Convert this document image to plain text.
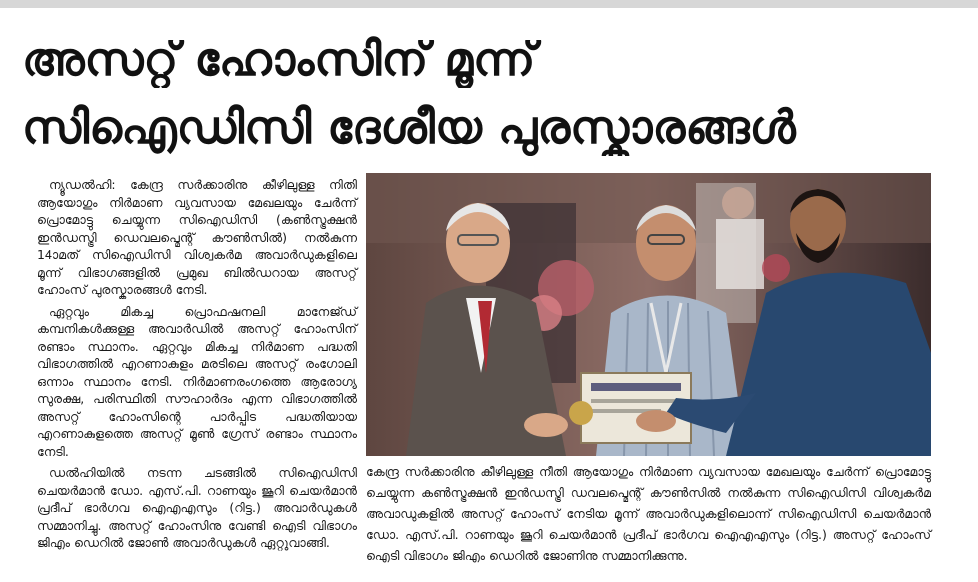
അസറ്റ് ഹോംസിന് മൂന്ന്
സിഐഡിസി ദേശീയ പുരസ്കാരങ്ങൾ

ന്യൂഡൽഹി: കേന്ദ്ര സർക്കാരിനു കീഴിലുള്ള നിതി ആയോഗും നിർമാണ വ്യവസായ മേഖലയും ചേർന്ന് പ്രൊമോട്ടു ചെയ്യുന്ന സിഐഡിസി (കൺസ്ട്രക്ഷൻ ഇൻഡസ്ട്രി ഡെവലപ്മെന്റ് കൗൺസിൽ) നൽകുന്ന 14ാമത് സിഐഡിസി വിശ്വകർമ അവാർഡുകളിലെ മൂന്ന് വിഭാഗങ്ങളിൽ പ്രമുഖ ബിൽഡറായ അസറ്റ് ഹോംസ് പുരസ്കാരങ്ങൾ നേടി.

ഏറ്റവും മികച്ച പ്രൊഫഷനലി മാനേജ്ഡ് കമ്പനികൾക്കുള്ള അവാർഡിൽ അസറ്റ് ഹോംസിന് രണ്ടാം സ്ഥാനം. ഏറ്റവും മികച്ച നിർമാണ പദ്ധതി വിഭാഗത്തിൽ എറണാകുളം മരടിലെ അസറ്റ് രംഗോലി ഒന്നാം സ്ഥാനം നേടി. നിർമാണരംഗത്തെ ആരോഗ്യ സുരക്ഷ, പരിസ്ഥിതി സൗഹാർദം എന്ന വിഭാഗത്തിൽ അസറ്റ് ഹോംസിന്റെ പാർപ്പിട പദ്ധതിയായ എറണാകുളത്തെ അസറ്റ് മൂൺ ഗ്രേസ് രണ്ടാം സ്ഥാനം നേടി.

ഡൽഹിയിൽ നടന്ന ചടങ്ങിൽ സിഐഡിസി ചെയർമാൻ ഡോ. എസ്.പി. റാണയും ജൂറി ചെയർമാൻ പ്രദീപ് ഭാർഗവ ഐഎഎസും (റിട്ട.) അവാർഡുകൾ സമ്മാനിച്ചു. അസറ്റ് ഹോംസിനു വേണ്ടി ഐടി വിഭാഗം ജിഎം ഡെറിൽ ജോൺ അവാർഡുകൾ ഏറ്റുവാങ്ങി.

കേന്ദ്ര സർക്കാരിനു കീഴിലുള്ള നീതി ആയോഗും നിർമാണ വ്യവസായ മേഖലയും ചേർന്ന് പ്രൊമോട്ടു ചെയ്യുന്ന കൺസ്ട്രക്ഷൻ ഇൻഡസ്ട്രി ഡവലപ്മെന്റ് കൗൺസിൽ നൽകുന്ന സിഐഡിസി വിശ്വകർമ അവാഡുകളിൽ അസറ്റ് ഹോംസ് നേടിയ മൂന്ന് അവാർഡുകളിലൊന്ന് സിഐഡിസി ചെയർമാൻ ഡോ. എസ്.പി. റാണയും ജൂറി ചെയർമാൻ പ്രദീപ് ഭാർഗവ ഐഎഎസും (റിട്ട.) അസറ്റ് ഹോംസ് ഐടി വിഭാഗം ജിഎം ഡെറിൽ ജോണിനു സമ്മാനിക്കുന്നു.
